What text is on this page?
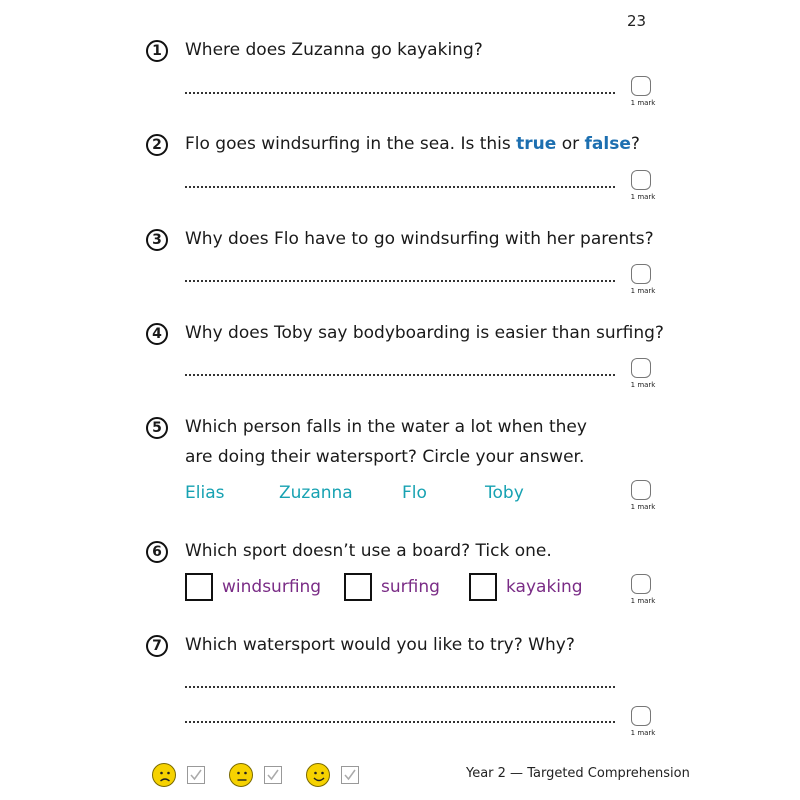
23
1	Where does Zuzanna go kayaking?
1 mark
2	Flo goes windsurfing in the sea. Is this true or false?
1 mark
3	Why does Flo have to go windsurfing with her parents?
1 mark
4	Why does Toby say bodyboarding is easier than surfing?
1 mark
5	Which person falls in the water a lot when they
are doing their watersport? Circle your answer.
Elias	Zuzanna	Flo	Toby
1 mark
6	Which sport doesn’t use a board? Tick one.
windsurfing	surfing	kayaking
1 mark
7	Which watersport would you like to try? Why?
1 mark
Year 2 — Targeted Comprehension
